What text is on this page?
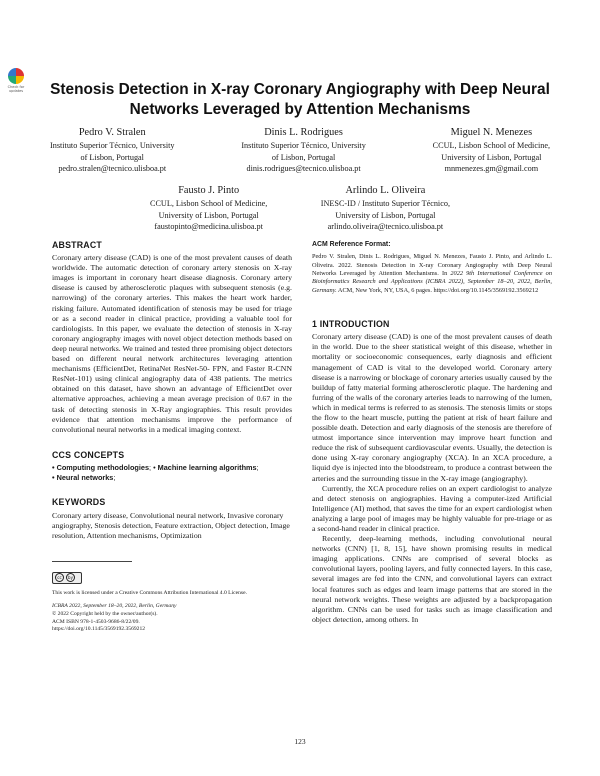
Check for updates	Stenosis Detection in X-ray Coronary Angiography with Deep Neural Networks Leveraged by Attention Mechanisms
Pedro V. Stralen
Instituto Superior Técnico, University
of Lisbon, Portugal
pedro.stralen@tecnico.ulisboa.pt
Dinis L. Rodrigues
Instituto Superior Técnico, University
of Lisbon, Portugal
dinis.rodrigues@tecnico.ulisboa.pt
Miguel N. Menezes
CCUL, Lisbon School of Medicine,
University of Lisbon, Portugal
mnmenezes.gm@gmail.com
Fausto J. Pinto
CCUL, Lisbon School of Medicine,
University of Lisbon, Portugal
faustopinto@medicina.ulisboa.pt
Arlindo L. Oliveira
INESC-ID / Instituto Superior Técnico,
University of Lisbon, Portugal
arlindo.oliveira@tecnico.ulisboa.pt
ABSTRACT

Coronary artery disease (CAD) is one of the most prevalent causes of death worldwide. The automatic detection of coronary artery stenosis on X-ray images is important in coronary heart disease diagnosis. Coronary artery disease is caused by atherosclerotic plaques with subsequent stenosis (e.g. narrowing) of the coronary arteries. This makes the heart work harder, risking failure. Automated identification of stenosis may be used for triage or as a second reader in clinical practice, providing a valuable tool for cardiologists. In this paper, we evaluate the detection of stenosis in X-ray coronary angiography images with novel object detection methods based on deep neural networks. We trained and tested three promising object detectors based on different neural network architectures leveraging attention mechanisms (EfficientDet, RetinaNet ResNet-50- FPN, and Faster R-CNN ResNet-101) using clinical angiography data of 438 patients. The metrics obtained on this dataset, have shown an advantage of EfficientDet over alternative approaches, achieving a mean average precision of 0.67 in the task of detecting stenosis in X-Ray angiographies. This result provides evidence that attention mechanisms improve the performance of convolutional neural networks in a medical imaging context.

CCS CONCEPTS
• Computing methodologies; • Machine learning algorithms;
• Neural networks;
KEYWORDS

Coronary artery disease, Convolutional neural network, Invasive coronary angiography, Stenosis detection, Feature extraction, Object detection, Image resolution, Attention mechanisms, Optimization

cc	by
This work is licensed under a Creative Commons Attribution International 4.0 License.
ICBRA 2022, September 18–20, 2022, Berlin, Germany
© 2022 Copyright held by the owner/author(s).
ACM ISBN 978-1-4503-9686-8/22/09.
https://doi.org/10.1145/3569192.3569212
ACM Reference Format:

Pedro V. Stralen, Dinis L. Rodrigues, Miguel N. Menezes, Fausto J. Pinto, and Arlindo L. Oliveira. 2022. Stenosis Detection in X-ray Coronary Angiography with Deep Neural Networks Leveraged by Attention Mechanisms. In 2022 9th International Conference on Bioinformatics Research and Applications (ICBRA 2022), September 18–20, 2022, Berlin, Germany. ACM, New York, NY, USA, 6 pages. https://doi.org/10.1145/3569192.3569212

1 INTRODUCTION

Coronary artery disease (CAD) is one of the most prevalent causes of death in the world. Due to the sheer statistical weight of this disease, whether in mortality or socioeconomic consequences, early diagnosis and efficient management of CAD is vital to the developed world. Coronary artery disease is a narrowing or blockage of coronary arteries usually caused by the buildup of fatty material forming atherosclerotic plaque. The hardening and furring of the walls of the coronary arteries leads to narrowing of the lumen, which in medical terms is referred to as stenosis. The stenosis limits or stops the flow to the heart muscle, putting the patient at risk of heart failure and possible death. Detection and early diagnosis of the stenosis are therefore of utmost importance since intervention may improve heart function and reduce the risk of subsequent cardiovascular events. Usually, the detection is done using X-ray coronary angiography (XCA). In an XCA procedure, a liquid dye is injected into the bloodstream, to produce a contrast between the arteries and the surrounding tissue in the X-ray image (angiography).

Currently, the XCA procedure relies on an expert cardiologist to analyze and detect stenosis on angiographies. Having a computer-ized Artificial Intelligence (AI) method, that saves the time for an expert cardiologist when analyzing a large pool of images may be highly valuable for pre-triage or as a second-hand reader in clinical practice.

Recently, deep-learning methods, including convolutional neural networks (CNN) [1, 8, 15], have shown promising results in medical imaging applications. CNNs are comprised of several blocks as convolutional layers, pooling layers, and fully connected layers. In this case, several images are fed into the CNN, and convolutional layers can extract local features such as edges and learn image patterns that are stored in the neural network weights. These weights are adjusted by a backpropagation algorithm. CNNs can be used for tasks such as image classification and object detection, among others. In

123
